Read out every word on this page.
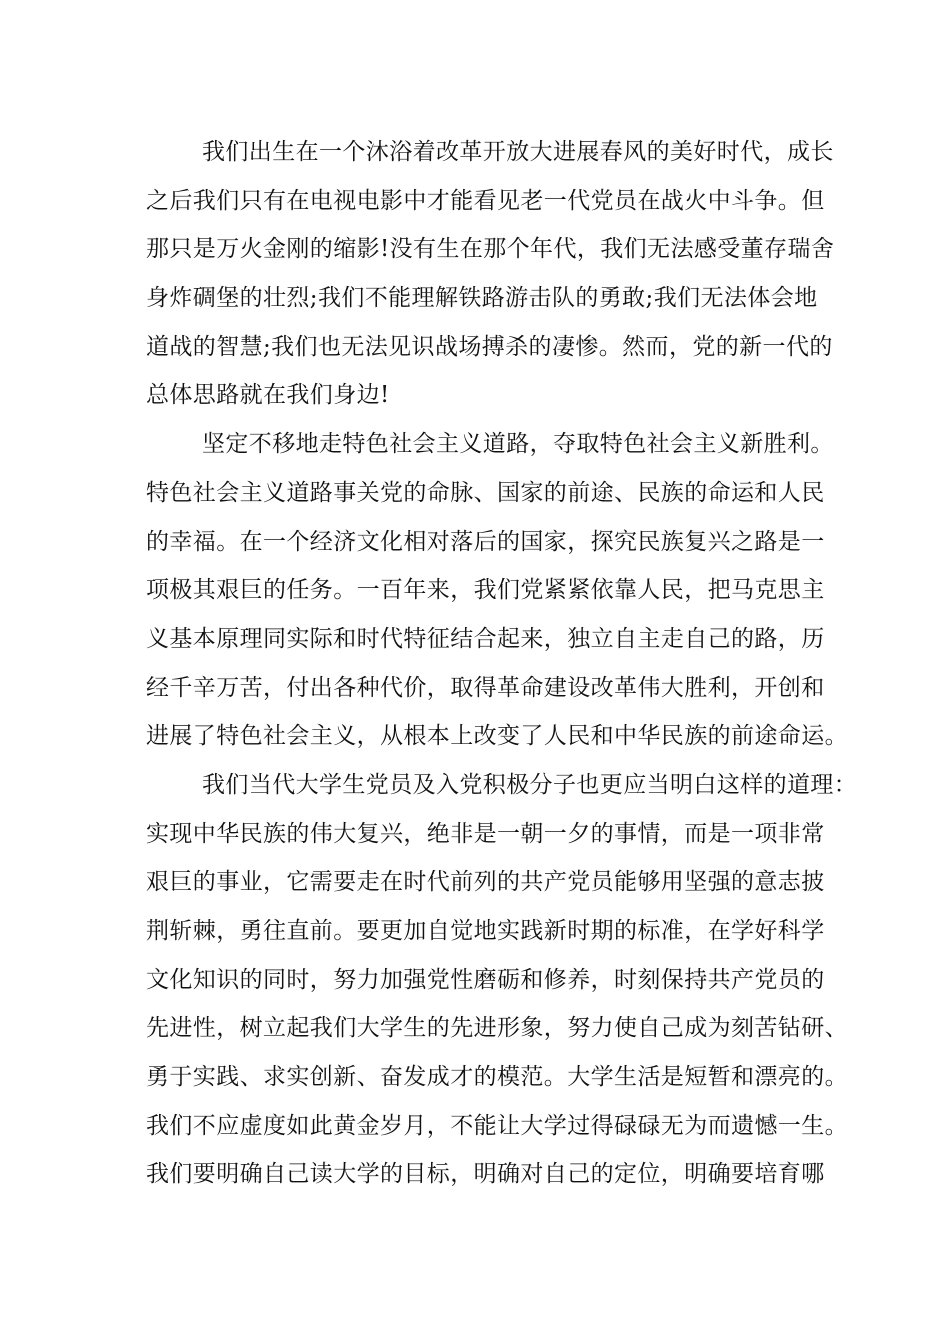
我们出生在一个沐浴着改革开放大进展春风的美好时代，成长
之后我们只有在电视电影中才能看见老一代党员在战火中斗争。但
那只是万火金刚的缩影!没有生在那个年代，我们无法感受董存瑞舍
身炸碉堡的壮烈;我们不能理解铁路游击队的勇敢;我们无法体会地
道战的智慧;我们也无法见识战场搏杀的凄惨。然而，党的新一代的
总体思路就在我们身边!
坚定不移地走特色社会主义道路，夺取特色社会主义新胜利。
特色社会主义道路事关党的命脉、国家的前途、民族的命运和人民
的幸福。在一个经济文化相对落后的国家，探究民族复兴之路是一
项极其艰巨的任务。一百年来，我们党紧紧依靠人民，把马克思主
义基本原理同实际和时代特征结合起来，独立自主走自己的路，历
经千辛万苦，付出各种代价，取得革命建设改革伟大胜利，开创和
进展了特色社会主义，从根本上改变了人民和中华民族的前途命运。
我们当代大学生党员及入党积极分子也更应当明白这样的道理：
实现中华民族的伟大复兴，绝非是一朝一夕的事情，而是一项非常
艰巨的事业，它需要走在时代前列的共产党员能够用坚强的意志披
荆斩棘，勇往直前。要更加自觉地实践新时期的标准，在学好科学
文化知识的同时，努力加强党性磨砺和修养，时刻保持共产党员的
先进性，树立起我们大学生的先进形象，努力使自己成为刻苦钻研、
勇于实践、求实创新、奋发成才的模范。大学生活是短暂和漂亮的。
我们不应虚度如此黄金岁月，不能让大学过得碌碌无为而遗憾一生。
我们要明确自己读大学的目标，明确对自己的定位，明确要培育哪
